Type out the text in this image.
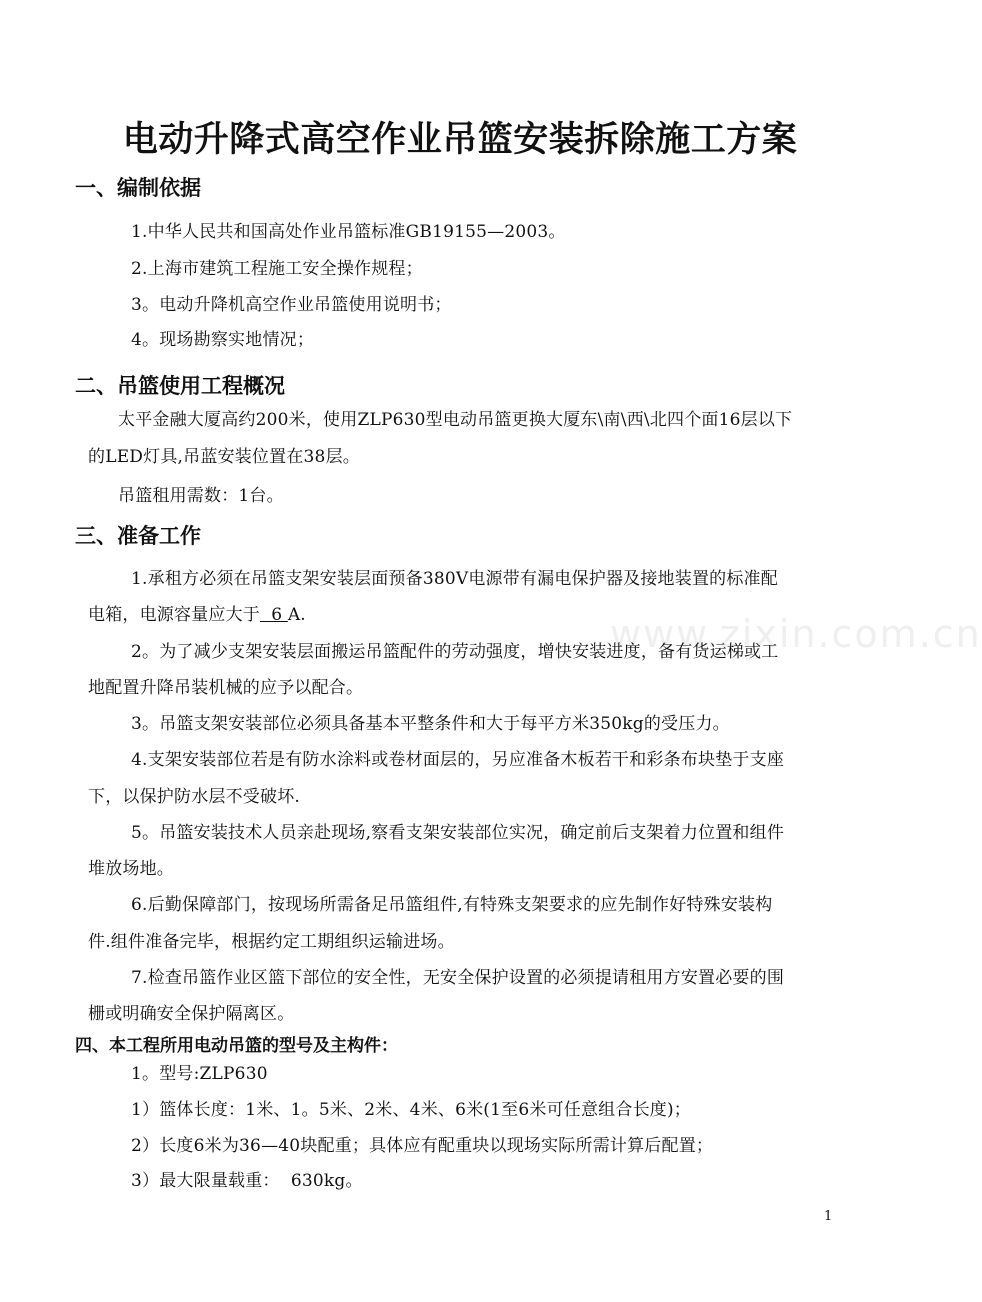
www.zixin.com.cn
电动升降式高空作业吊篮安装拆除施工方案
一、编制依据
1.中华人民共和国高处作业吊篮标准GB19155—2003。
2.上海市建筑工程施工安全操作规程；
3。电动升降机高空作业吊篮使用说明书；
4。现场勘察实地情况；
二、吊篮使用工程概况
太平金融大厦高约200米，使用ZLP630型电动吊篮更换大厦东\南\西\北四个面16层以下
的LED灯具,吊蓝安装位置在38层。
吊篮租用需数：1台。
三、准备工作
1.承租方必须在吊篮支架安装层面预备380V电源带有漏电保护器及接地装置的标准配
电箱，电源容量应大于  6 A.
2。为了减少支架安装层面搬运吊篮配件的劳动强度，增快安装进度，备有货运梯或工
地配置升降吊装机械的应予以配合。
3。吊篮支架安装部位必须具备基本平整条件和大于每平方米350kg的受压力。
4.支架安装部位若是有防水涂料或卷材面层的，另应准备木板若干和彩条布块垫于支座
下，以保护防水层不受破坏.
5。吊篮安装技术人员亲赴现场,察看支架安装部位实况，确定前后支架着力位置和组件
堆放场地。
6.后勤保障部门，按现场所需备足吊篮组件,有特殊支架要求的应先制作好特殊安装构
件.组件准备完毕，根据约定工期组织运输进场。
7.检查吊篮作业区篮下部位的安全性，无安全保护设置的必须提请租用方安置必要的围
栅或明确安全保护隔离区。
四、本工程所用电动吊篮的型号及主构件：
1。型号:ZLP630
1）篮体长度：1米、1。5米、2米、4米、6米(1至6米可任意组合长度)；
2）长度6米为36—40块配重；具体应有配重块以现场实际所需计算后配置；
3）最大限量载重：  630kg。
1
